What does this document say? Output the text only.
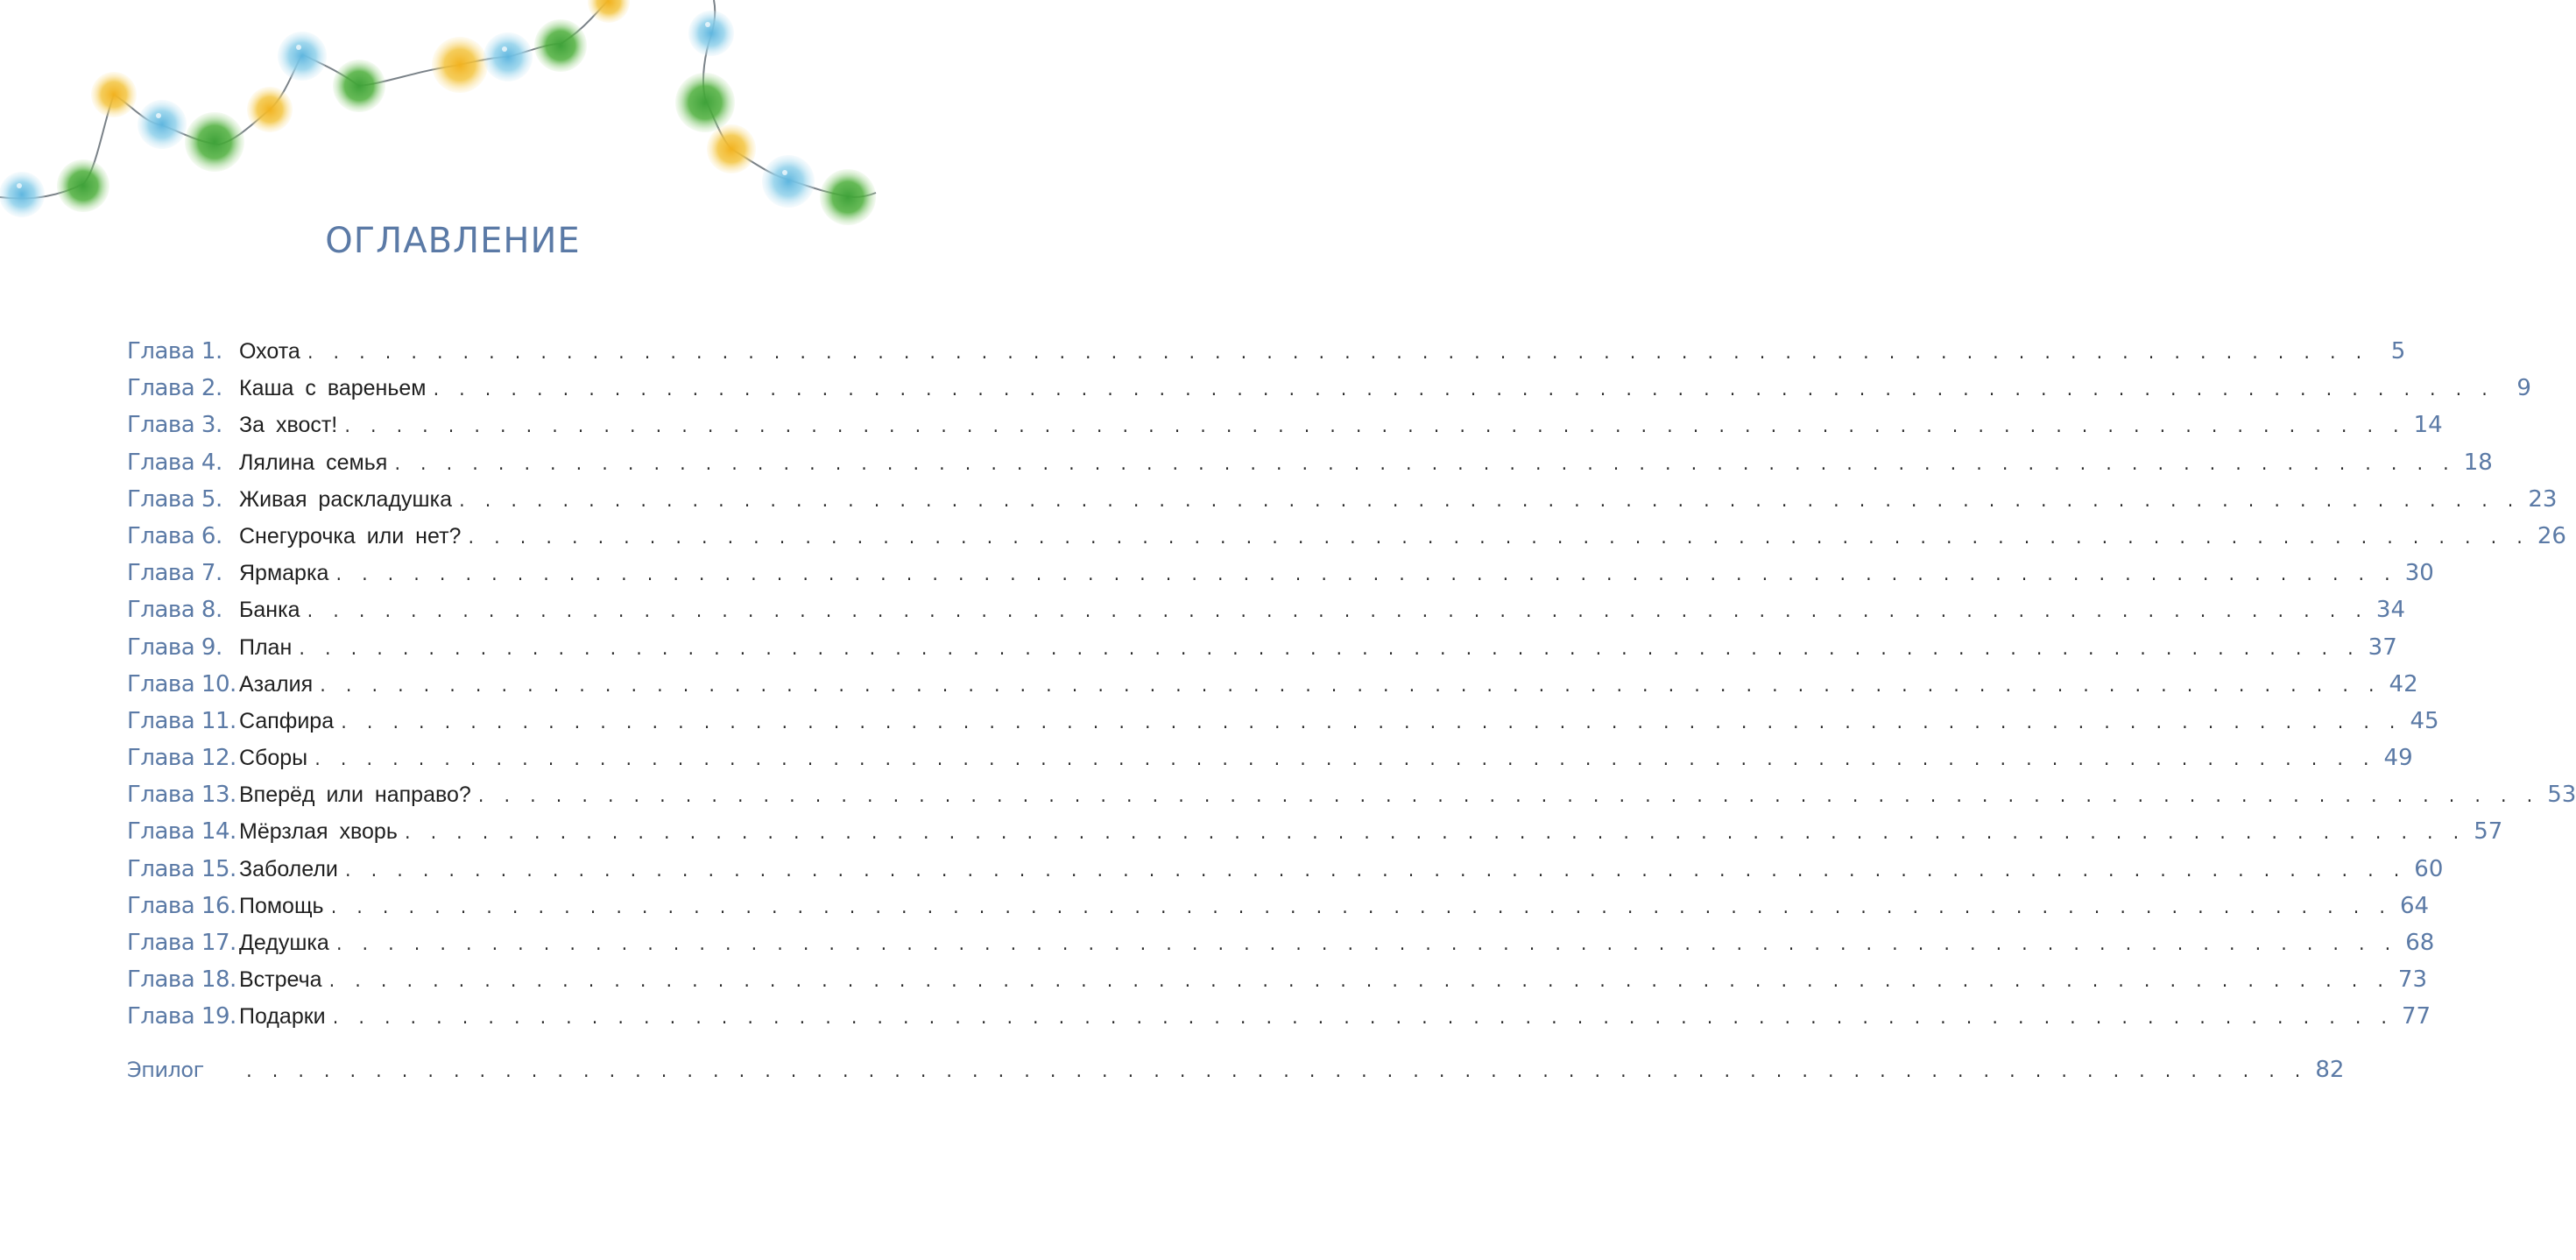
ОГЛАВЛЕНИЕ
Глава 1. Охота . . . . . . . . . . . . . . . . . . . . . . . . . . . . . . . . . . . . . . . . . . . . . . . . . . . . . . . . . . . . . . . . . . . . . . . . . . . . . . . .	5
Глава 2. Каша с вареньем . . . . . . . . . . . . . . . . . . . . . . . . . . . . . . . . . . . . . . . . . . . . . . . . . . . . . . . . . . . . . . . . . . . . . . . . . . . . . . . .	9
Глава 3. За хвост! . . . . . . . . . . . . . . . . . . . . . . . . . . . . . . . . . . . . . . . . . . . . . . . . . . . . . . . . . . . . . . . . . . . . . . . . . . . . . . . . 14
Глава 4. Лялина семья . . . . . . . . . . . . . . . . . . . . . . . . . . . . . . . . . . . . . . . . . . . . . . . . . . . . . . . . . . . . . . . . . . . . . . . . . . . . . . . . 18
Глава 5. Живая раскладушка . . . . . . . . . . . . . . . . . . . . . . . . . . . . . . . . . . . . . . . . . . . . . . . . . . . . . . . . . . . . . . . . . . . . . . . . . . . . . . . . 23
Глава 6. Снегурочка или нет? . . . . . . . . . . . . . . . . . . . . . . . . . . . . . . . . . . . . . . . . . . . . . . . . . . . . . . . . . . . . . . . . . . . . . . . . . . . . . . . . 26
Глава 7. Ярмарка . . . . . . . . . . . . . . . . . . . . . . . . . . . . . . . . . . . . . . . . . . . . . . . . . . . . . . . . . . . . . . . . . . . . . . . . . . . . . . . . 30
Глава 8. Банка . . . . . . . . . . . . . . . . . . . . . . . . . . . . . . . . . . . . . . . . . . . . . . . . . . . . . . . . . . . . . . . . . . . . . . . . . . . . . . . . 34
Глава 9. План . . . . . . . . . . . . . . . . . . . . . . . . . . . . . . . . . . . . . . . . . . . . . . . . . . . . . . . . . . . . . . . . . . . . . . . . . . . . . . . . 37
Глава 10. Азалия . . . . . . . . . . . . . . . . . . . . . . . . . . . . . . . . . . . . . . . . . . . . . . . . . . . . . . . . . . . . . . . . . . . . . . . . . . . . . . . . 42
Глава 11. Сапфира . . . . . . . . . . . . . . . . . . . . . . . . . . . . . . . . . . . . . . . . . . . . . . . . . . . . . . . . . . . . . . . . . . . . . . . . . . . . . . . . 45
Глава 12. Сборы . . . . . . . . . . . . . . . . . . . . . . . . . . . . . . . . . . . . . . . . . . . . . . . . . . . . . . . . . . . . . . . . . . . . . . . . . . . . . . . . 49
Глава 13. Вперёд или направо? . . . . . . . . . . . . . . . . . . . . . . . . . . . . . . . . . . . . . . . . . . . . . . . . . . . . . . . . . . . . . . . . . . . . . . . . . . . . . . . . 53
Глава 14. Мёрзлая хворь . . . . . . . . . . . . . . . . . . . . . . . . . . . . . . . . . . . . . . . . . . . . . . . . . . . . . . . . . . . . . . . . . . . . . . . . . . . . . . . . 57
Глава 15. Заболели . . . . . . . . . . . . . . . . . . . . . . . . . . . . . . . . . . . . . . . . . . . . . . . . . . . . . . . . . . . . . . . . . . . . . . . . . . . . . . . . 60
Глава 16. Помощь . . . . . . . . . . . . . . . . . . . . . . . . . . . . . . . . . . . . . . . . . . . . . . . . . . . . . . . . . . . . . . . . . . . . . . . . . . . . . . . . 64
Глава 17. Дедушка . . . . . . . . . . . . . . . . . . . . . . . . . . . . . . . . . . . . . . . . . . . . . . . . . . . . . . . . . . . . . . . . . . . . . . . . . . . . . . . . 68
Глава 18. Встреча . . . . . . . . . . . . . . . . . . . . . . . . . . . . . . . . . . . . . . . . . . . . . . . . . . . . . . . . . . . . . . . . . . . . . . . . . . . . . . . . 73
Глава 19. Подарки . . . . . . . . . . . . . . . . . . . . . . . . . . . . . . . . . . . . . . . . . . . . . . . . . . . . . . . . . . . . . . . . . . . . . . . . . . . . . . . . 77
Эпилог	. . . . . . . . . . . . . . . . . . . . . . . . . . . . . . . . . . . . . . . . . . . . . . . . . . . . . . . . . . . . . . . . . . . . . . . . . . . . . . . . 82
